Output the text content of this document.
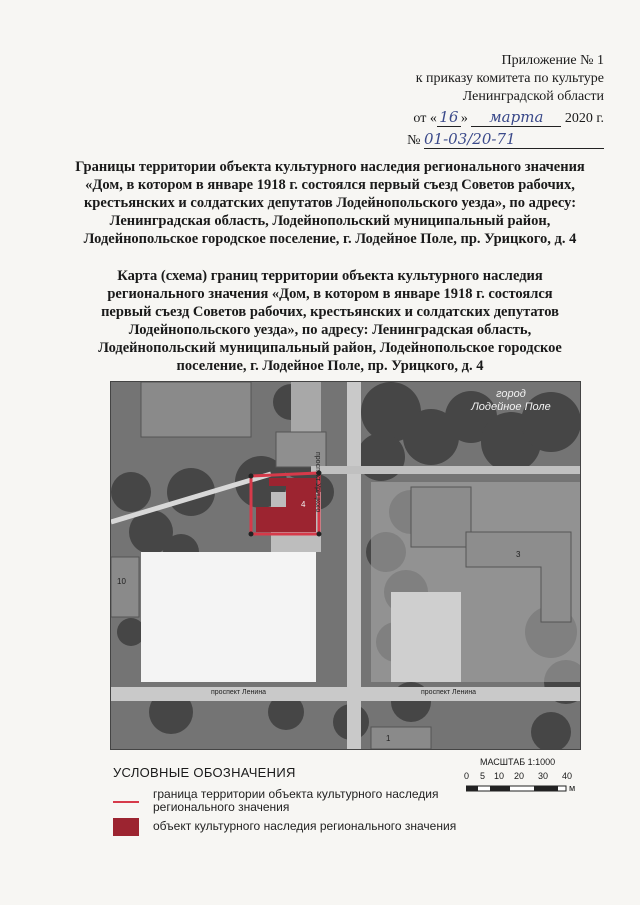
Приложение № 1
к приказу комитета по культуре
Ленинградской области
от « 16 » марта 2020 г.
№ 01-03/20-71
Границы территории объекта культурного наследия регионального значения «Дом, в котором в январе 1918 г. состоялся первый съезд Советов рабочих, крестьянских и солдатских депутатов Лодейнопольского уезда», по адресу: Ленинградская область, Лодейнопольский муниципальный район, Лодейнопольское городское поселение, г. Лодейное Поле, пр. Урицкого, д. 4
Карта (схема) границ территории объекта культурного наследия регионального значения «Дом, в котором в январе 1918 г. состоялся первый съезд Советов рабочих, крестьянских и солдатских депутатов Лодейнопольского уезда», по адресу: Ленинградская область, Лодейнопольский муниципальный район, Лодейнопольское городское поселение, г. Лодейное Поле, пр. Урицкого, д. 4
город
Лодейное Поле
проспект Урицкого
проспект Ленина	проспект Ленина
4
3
10
1
УСЛОВНЫЕ ОБОЗНАЧЕНИЯ
МАСШТАБ 1:1000
0 5 10 20 30 40
м
граница территории объекта культурного наследия регионального значения
объект культурного наследия регионального значения
